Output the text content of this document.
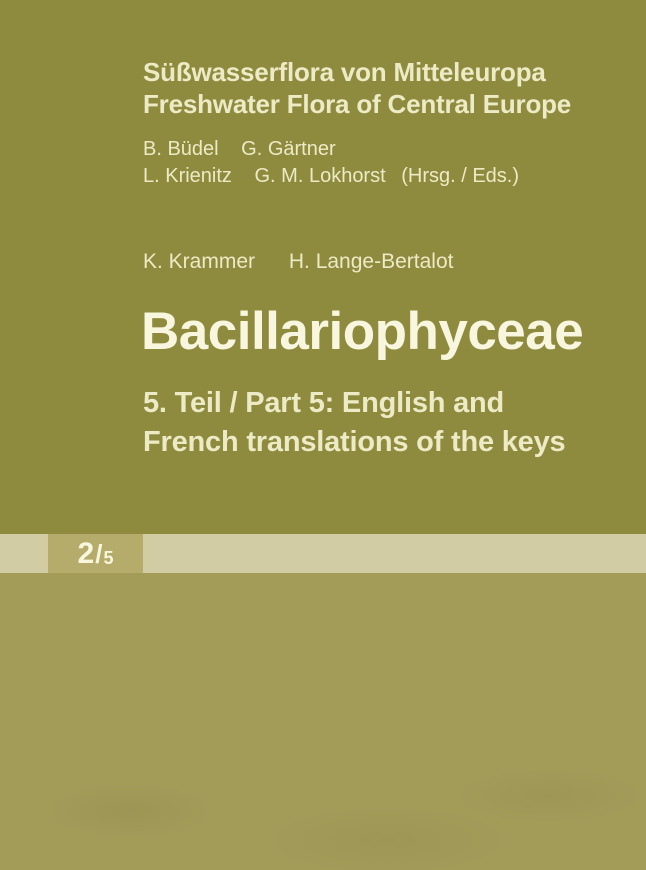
2 / 5
Süßwasserflora von Mitteleuropa
Freshwater Flora of Central Europe
B. Büdel G. Gärtner
L. Krienitz G. M. Lokhorst (Hrsg. / Eds.)
K. Krammer H. Lange-Bertalot
Bacillariophyceae
5. Teil / Part 5: English and
French translations of the keys
